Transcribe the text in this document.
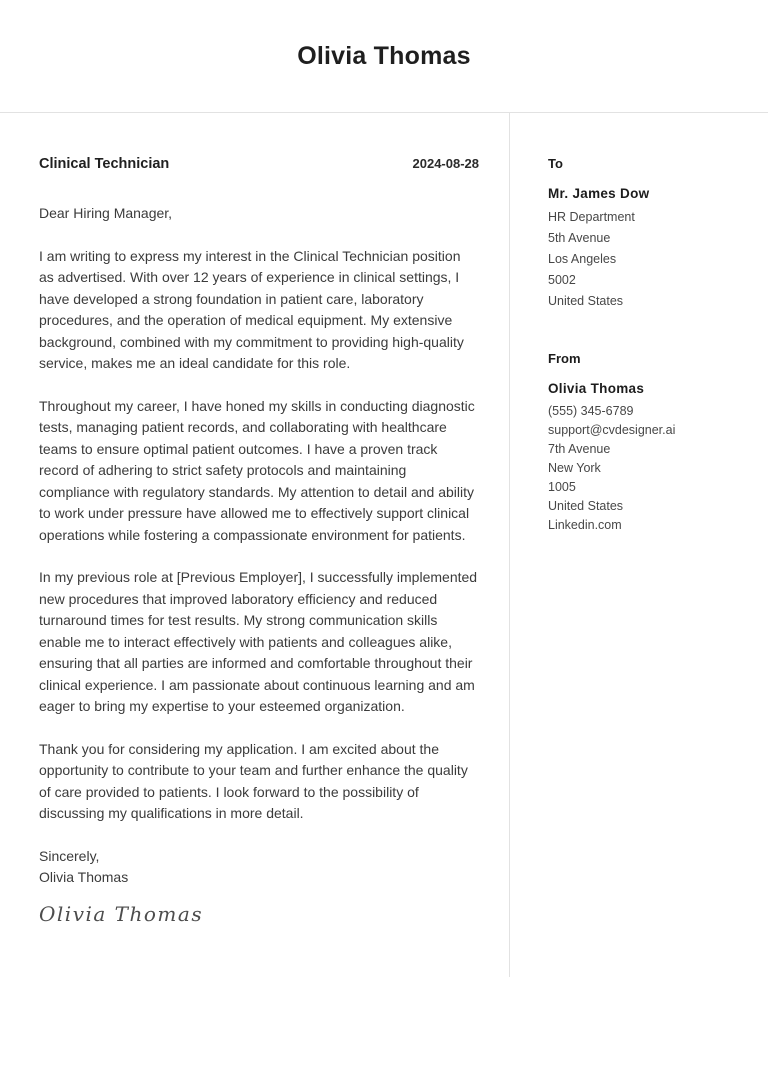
Olivia Thomas
Clinical Technician	2024-08-28

Dear Hiring Manager,

I am writing to express my interest in the Clinical Technician position as advertised. With over 12 years of experience in clinical settings, I have developed a strong foundation in patient care, laboratory procedures, and the operation of medical equipment. My extensive background, combined with my commitment to providing high-quality service, makes me an ideal candidate for this role.

Throughout my career, I have honed my skills in conducting diagnostic tests, managing patient records, and collaborating with healthcare teams to ensure optimal patient outcomes. I have a proven track record of adhering to strict safety protocols and maintaining compliance with regulatory standards. My attention to detail and ability to work under pressure have allowed me to effectively support clinical operations while fostering a compassionate environment for patients.

In my previous role at [Previous Employer], I successfully implemented new procedures that improved laboratory efficiency and reduced turnaround times for test results. My strong communication skills enable me to interact effectively with patients and colleagues alike, ensuring that all parties are informed and comfortable throughout their clinical experience. I am passionate about continuous learning and am eager to bring my expertise to your esteemed organization.

Thank you for considering my application. I am excited about the opportunity to contribute to your team and further enhance the quality of care provided to patients. I look forward to the possibility of discussing my qualifications in more detail.

Sincerely,
Olivia Thomas
Olivia Thomas
To
Mr. James Dow
HR Department
5th Avenue
Los Angeles
5002
United States
From
Olivia Thomas
(555) 345-6789
support@cvdesigner.ai
7th Avenue
New York
1005
United States
Linkedin.com
